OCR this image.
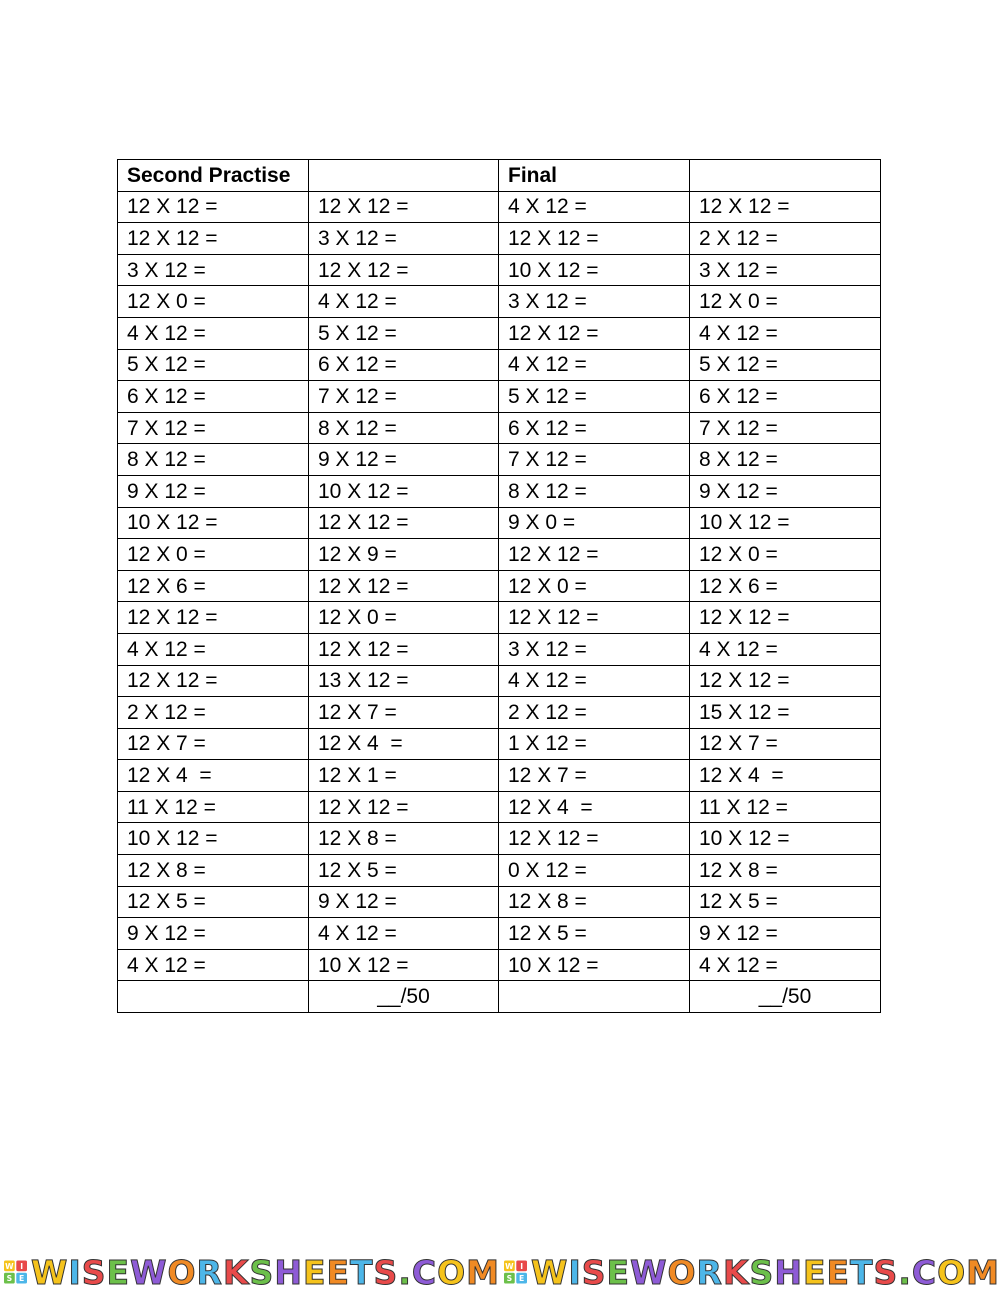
Second Practise		Final	
12 X 12 =	12 X 12 =	4 X 12 =	12 X 12 =
12 X 12 =	3 X 12 =	12 X 12 =	2 X 12 =
3 X 12 =	12 X 12 =	10 X 12 =	3 X 12 =
12 X 0 =	4 X 12 =	3 X 12 =	12 X 0 =
4 X 12 =	5 X 12 =	12 X 12 =	4 X 12 =
5 X 12 =	6 X 12 =	4 X 12 =	5 X 12 =
6 X 12 =	7 X 12 =	5 X 12 =	6 X 12 =
7 X 12 =	8 X 12 =	6 X 12 =	7 X 12 =
8 X 12 =	9 X 12 =	7 X 12 =	8 X 12 =
9 X 12 =	10 X 12 =	8 X 12 =	9 X 12 =
10 X 12 =	12 X 12 =	9 X 0 =	10 X 12 =
12 X 0 =	12 X 9 =	12 X 12 =	12 X 0 =
12 X 6 =	12 X 12 =	12 X 0 =	12 X 6 =
12 X 12 =	12 X 0 =	12 X 12 =	12 X 12 =
4 X 12 =	12 X 12 =	3 X 12 =	4 X 12 =
12 X 12 =	13 X 12 =	4 X 12 =	12 X 12 =
2 X 12 =	12 X 7 =	2 X 12 =	15 X 12 =
12 X 7 =	12 X 4  =	1 X 12 =	12 X 7 =
12 X 4  =	12 X 1 =	12 X 7 =	12 X 4  =
11 X 12 =	12 X 12 =	12 X 4  =	11 X 12 =
10 X 12 =	12 X 8 =	12 X 12 =	10 X 12 =
12 X 8 =	12 X 5 =	0 X 12 =	12 X 8 =
12 X 5 =	9 X 12 =	12 X 8 =	12 X 5 =
9 X 12 =	4 X 12 =	12 X 5 =	9 X 12 =
4 X 12 =	10 X 12 =	10 X 12 =	4 X 12 =
	__/50		__/50
W I
S E WISEWORKSHEETS.COM W I
S E WISEWORKSHEETS.COM
